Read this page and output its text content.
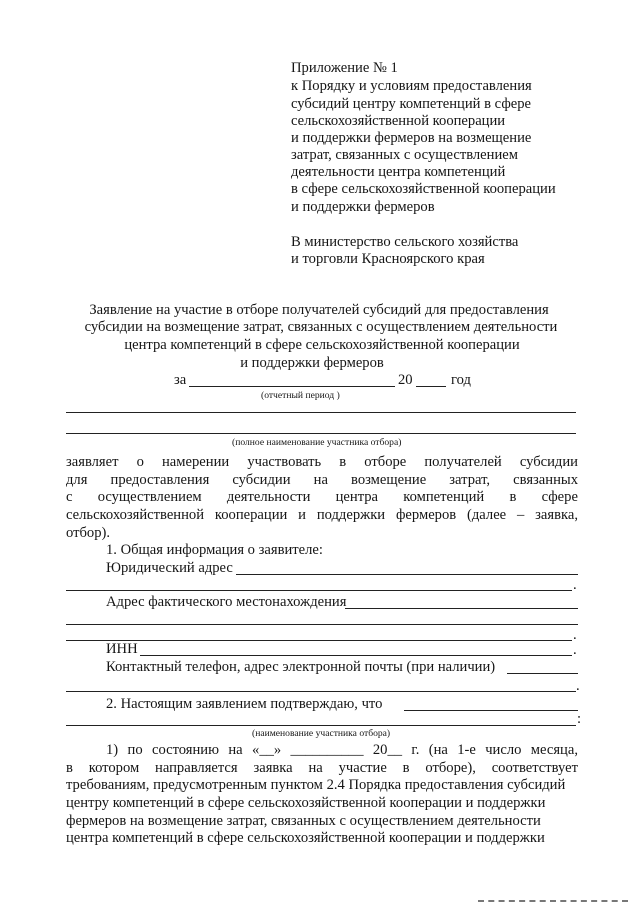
Приложение № 1
к Порядку и условиям предоставления
субсидий центру компетенций в сфере
сельскохозяйственной кооперации
и поддержки фермеров на возмещение
затрат, связанных с осуществлением
деятельности центра компетенций
в сфере сельскохозяйственной кооперации
и поддержки фермеров
В министерство сельского хозяйства
и торговли Красноярского края
Заявление на участие в отборе получателей субсидий для предоставления
субсидии на возмещение затрат, связанных с осуществлением деятельности
центра компетенций в сфере сельскохозяйственной кооперации
и поддержки фермеров
за	20	год
(отчетный период )
(полное наименование участника отбора)
заявляет о намерении участвовать в отборе получателей субсидии
для предоставления субсидии на возмещение затрат, связанных
с осуществлением деятельности центра компетенций в сфере
сельскохозяйственной кооперации и поддержки фермеров (далее – заявка,
отбор).
1. Общая информация о заявителе:
Юридический адрес
.
Адрес фактического местонахождения
.
ИНН	.
Контактный телефон, адрес электронной почты (при наличии)
.
2. Настоящим заявлением подтверждаю, что
:
(наименование участника отбора)
1) по состоянию на «__» __________ 20__ г. (на 1-е число месяца,
в котором направляется заявка на участие в отборе), соответствует
требованиям, предусмотренным пунктом 2.4 Порядка предоставления субсидий
центру компетенций в сфере сельскохозяйственной кооперации и поддержки
фермеров на возмещение затрат, связанных с осуществлением деятельности
центра компетенций в сфере сельскохозяйственной кооперации и поддержки
